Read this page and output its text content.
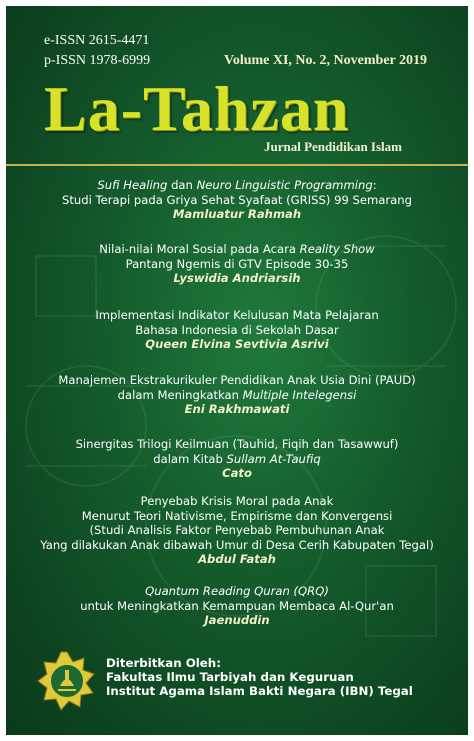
e-ISSN 2615-4471
p-ISSN 1978-6999	Volume XI, No. 2, November 2019
La-Tahzan
Jurnal Pendidikan Islam
Sufi Healing dan Neuro Linguistic Programming:
Studi Terapi pada Griya Sehat Syafaat (GRISS) 99 Semarang
Mamluatur Rahmah
Nilai-nilai Moral Sosial pada Acara Reality Show
Pantang Ngemis di GTV Episode 30-35
Lyswidia Andriarsih
Implementasi Indikator Kelulusan Mata Pelajaran
Bahasa Indonesia di Sekolah Dasar
Queen Elvina Sevtivia Asrivi
Manajemen Ekstrakurikuler Pendidikan Anak Usia Dini (PAUD)
dalam Meningkatkan Multiple Intelegensi
Eni Rakhmawati
Sinergitas Trilogi Keilmuan (Tauhid, Fiqih dan Tasawwuf)
dalam Kitab Sullam At-Taufiq
Cato
Penyebab Krisis Moral pada Anak
Menurut Teori Nativisme, Empirisme dan Konvergensi
(Studi Analisis Faktor Penyebab Pembuhunan Anak
Yang dilakukan Anak dibawah Umur di Desa Cerih Kabupaten Tegal)
Abdul Fatah
Quantum Reading Quran (QRQ)
untuk Meningkatkan Kemampuan Membaca Al-Qur'an
Jaenuddin
Diterbitkan Oleh:
Fakultas Ilmu Tarbiyah dan Keguruan
Institut Agama Islam Bakti Negara (IBN) Tegal
